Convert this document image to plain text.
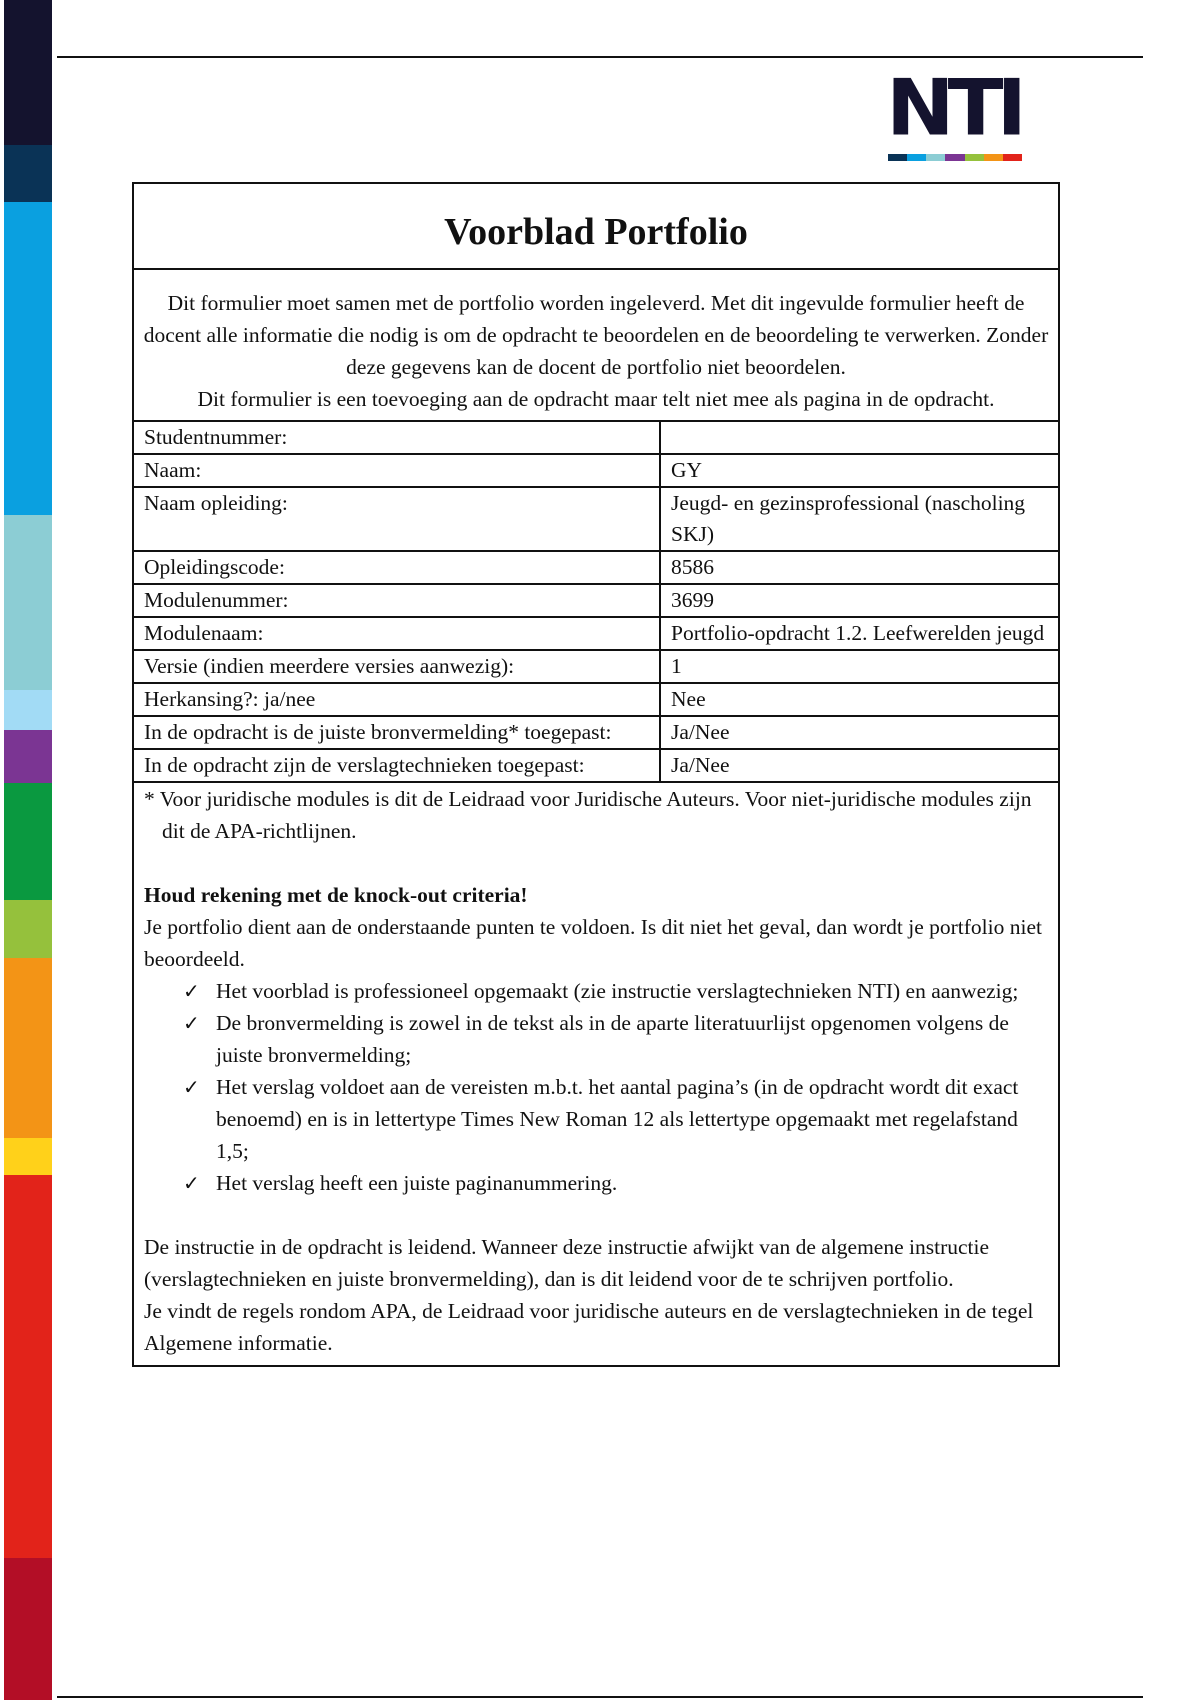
NTI
Voorblad Portfolio

Dit formulier moet samen met de portfolio worden ingeleverd. Met dit ingevulde formulier heeft de docent alle informatie die nodig is om de opdracht te beoordelen en de beoordeling te verwerken. Zonder deze gegevens kan de docent de portfolio niet beoordelen.

Dit formulier is een toevoeging aan de opdracht maar telt niet mee als pagina in de opdracht.

Studentnummer:
Naam:	GY
Naam opleiding:	Jeugd- en gezinsprofessional (nascholing SKJ)
Opleidingscode:	8586
Modulenummer:	3699
Modulenaam:	Portfolio-opdracht 1.2. Leefwerelden jeugd
Versie (indien meerdere versies aanwezig):	1
Herkansing?: ja/nee	Nee
In de opdracht is de juiste bronvermelding* toegepast:	Ja/Nee
In de opdracht zijn de verslagtechnieken toegepast:	Ja/Nee

* Voor juridische modules is dit de Leidraad voor Juridische Auteurs. Voor niet-juridische modules zijn dit de APA-richtlijnen.

Houd rekening met de knock-out criteria!

Je portfolio dient aan de onderstaande punten te voldoen. Is dit niet het geval, dan wordt je portfolio niet beoordeeld.

✓ Het voorblad is professioneel opgemaakt (zie instructie verslagtechnieken NTI) en aanwezig;
✓ De bronvermelding is zowel in de tekst als in de aparte literatuurlijst opgenomen volgens de juiste bronvermelding;
✓ Het verslag voldoet aan de vereisten m.b.t. het aantal pagina’s (in de opdracht wordt dit exact benoemd) en is in lettertype Times New Roman 12 als lettertype opgemaakt met regelafstand 1,5;
✓ Het verslag heeft een juiste paginanummering.

De instructie in de opdracht is leidend. Wanneer deze instructie afwijkt van de algemene instructie (verslagtechnieken en juiste bronvermelding), dan is dit leidend voor de te schrijven portfolio.

Je vindt de regels rondom APA, de Leidraad voor juridische auteurs en de verslagtechnieken in de tegel Algemene informatie.
